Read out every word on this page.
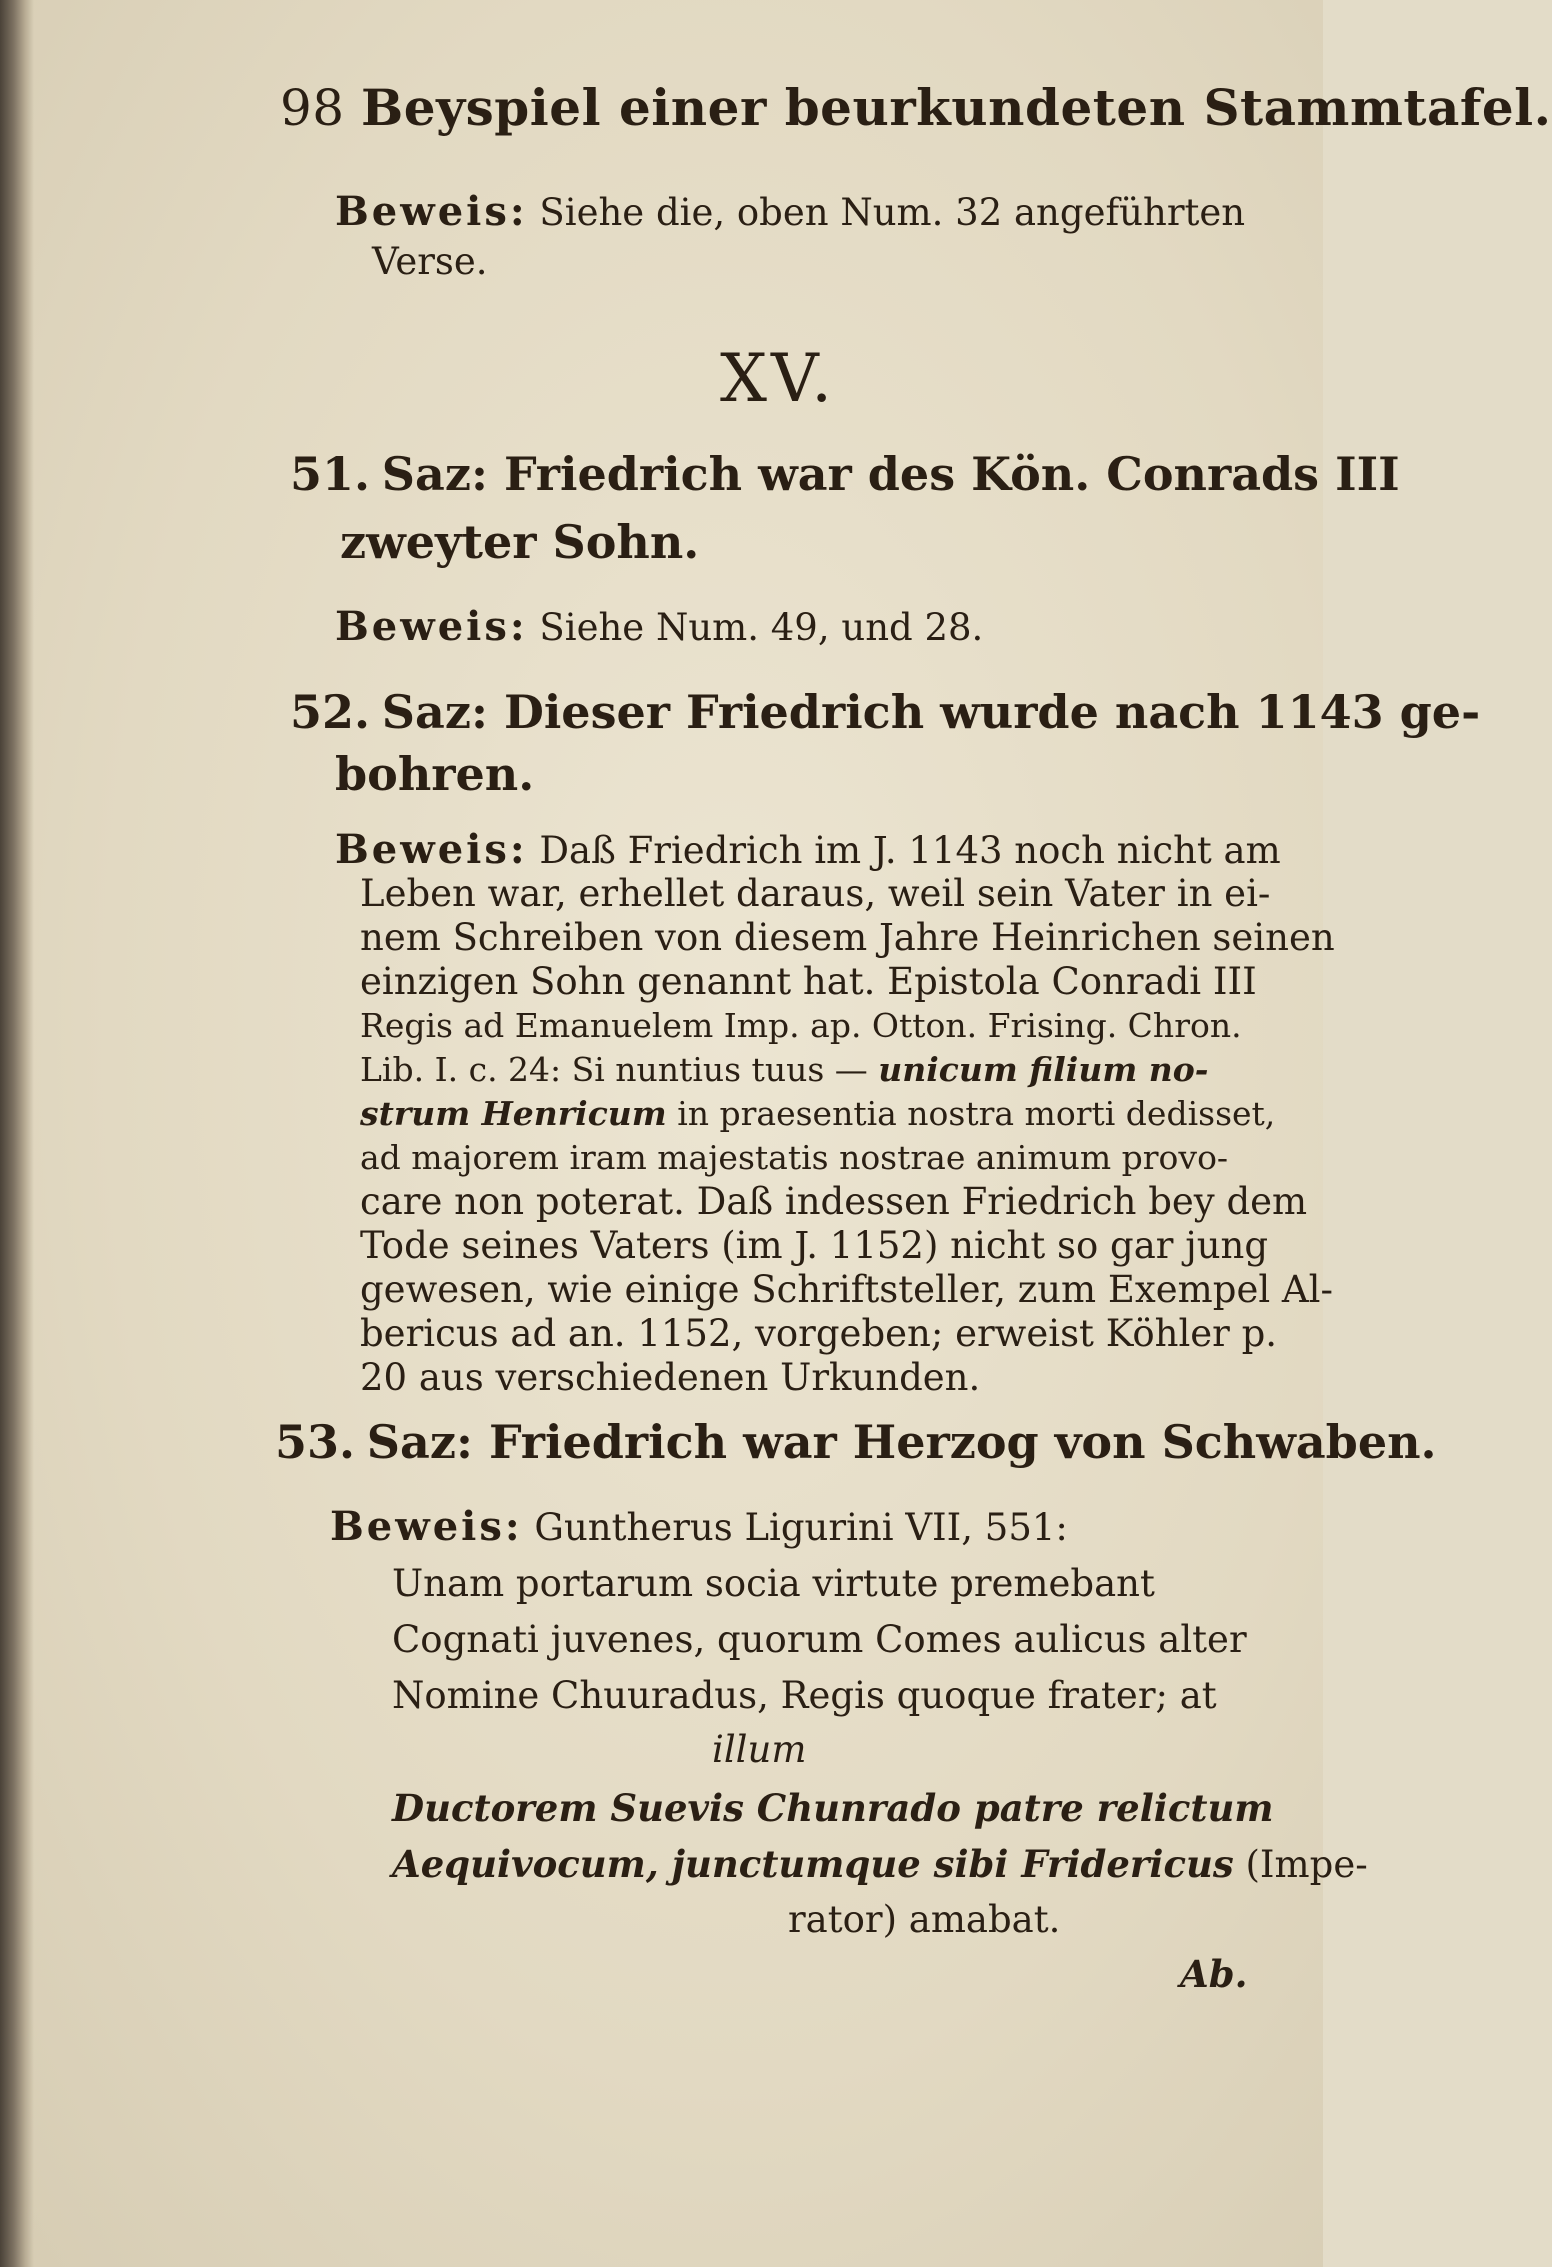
98 Beyspiel einer beurkundeten Stammtafel.
Beweis: Siehe die, oben Num. 32 angeführten
Verse.
XV.
51. Saz: Friedrich war des Kön. Conrads III
zweyter Sohn.
Beweis: Siehe Num. 49, und 28.
52. Saz: Dieser Friedrich wurde nach 1143 ge-
bohren.
Beweis: Daß Friedrich im J. 1143 noch nicht am
Leben war, erhellet daraus, weil sein Vater in ei-
nem Schreiben von diesem Jahre Heinrichen seinen
einzigen Sohn genannt hat. Epistola Conradi III
Regis ad Emanuelem Imp. ap. Otton. Frising. Chron.
Lib. I. c. 24: Si nuntius tuus — unicum filium no-
strum Henricum in praesentia nostra morti dedisset,
ad majorem iram majestatis nostrae animum provo-
care non poterat. Daß indessen Friedrich bey dem
Tode seines Vaters (im J. 1152) nicht so gar jung
gewesen, wie einige Schriftsteller, zum Exempel Al-
bericus ad an. 1152, vorgeben; erweist Köhler p.
20 aus verschiedenen Urkunden.
53. Saz: Friedrich war Herzog von Schwaben.
Beweis: Guntherus Ligurini VII, 551:
Unam portarum socia virtute premebant
Cognati juvenes, quorum Comes aulicus alter
Nomine Chuuradus, Regis quoque frater; at
illum
Ductorem Suevis Chunrado patre relictum
Aequivocum, junctumque sibi Fridericus (Impe-
rator) amabat.
Ab.
